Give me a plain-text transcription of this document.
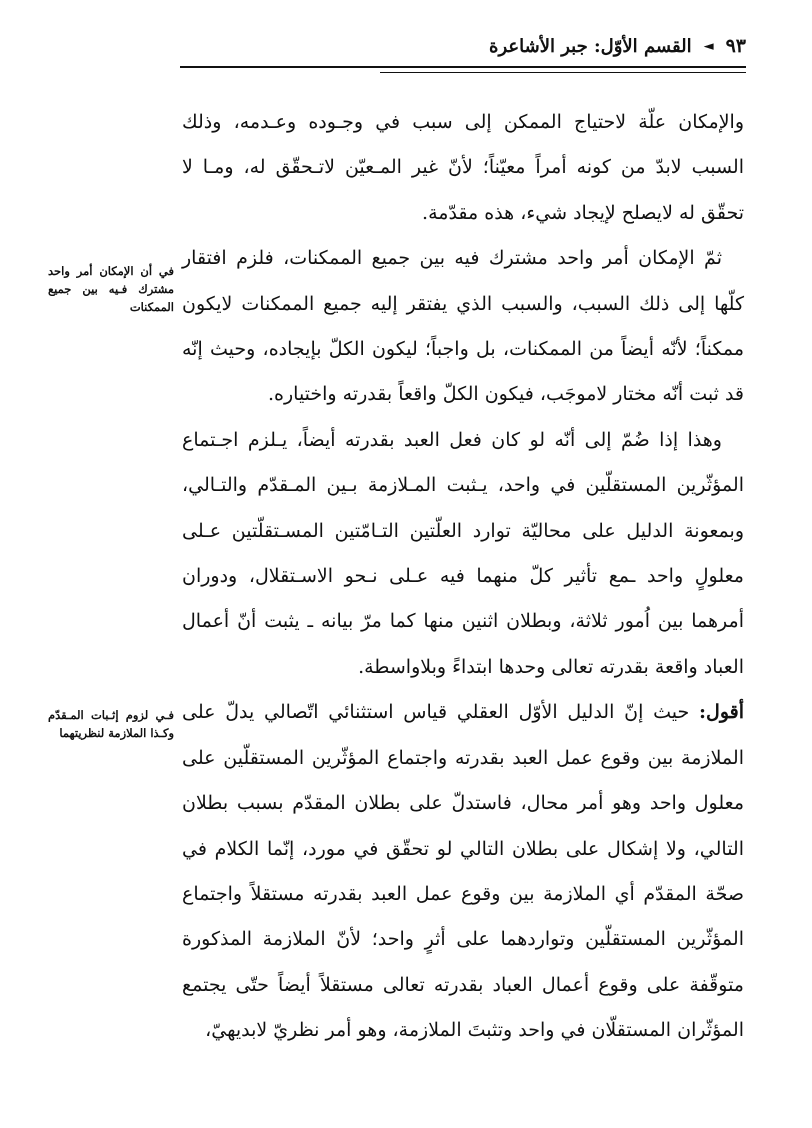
القسم الأوّل: جبر الأشاعرة ◄ ٩٣

والإمكان علّة لاحتياج الممكن إلى سبب في وجـوده وعـدمه، وذلك السبب لابدّ من كونه أمراً معيّناً؛ لأنّ غير المـعيّن لاتـحقّق له، ومـا لا تحقّق له لايصلح لإيجاد شيء، هذه مقدّمة.

ثمّ الإمكان أمر واحد مشترك فيه بين جميع الممكنات، فلزم افتقار كلّها إلى ذلك السبب، والسبب الذي يفتقر إليه جميع الممكنات لايكون ممكناً؛ لأنّه أيضاً من الممكنات، بل واجباً؛ ليكون الكلّ بإيجاده، وحيث إنّه قد ثبت أنّه مختار لاموجَب، فيكون الكلّ واقعاً بقدرته واختياره.

وهذا إذا ضُمّ إلى أنّه لو كان فعل العبد بقدرته أيضاً، يـلزم اجـتماع المؤثّرين المستقلّين في واحد، يـثبت المـلازمة بـين المـقدّم والتـالي، وبمعونة الدليل على محاليّة توارد العلّتين التـامّتين المسـتقلّتين عـلى معلولٍ واحد ـمع تأثير كلّ منهما فيه عـلى نـحو الاسـتقلال، ودوران أمرهما بين اُمور ثلاثة، وبطلان اثنين منها كما مرّ بيانه ـ يثبت أنّ أعمال العباد واقعة بقدرته تعالى وحدها ابتداءً وبلاواسطة.

أقول: حيث إنّ الدليل الأوّل العقلي قياس استثنائي اتّصالي يدلّ على الملازمة بين وقوع عمل العبد بقدرته واجتماع المؤثّرين المستقلّين على معلول واحد وهو أمر محال، فاستدلّ على بطلان المقدّم بسبب بطلان التالي، ولا إشكال على بطلان التالي لو تحقّق في مورد، إنّما الكلام في صحّة المقدّم أي الملازمة بين وقوع عمل العبد بقدرته مستقلاً واجتماع المؤثّرين المستقلّين وتواردهما على أثرٍ واحد؛ لأنّ الملازمة المذكورة متوقّفة على وقوع أعمال العباد بقدرته تعالى مستقلاً أيضاً حتّى يجتمع المؤثّران المستقلّان في واحد وتثبتَ الملازمة، وهو أمر نظريّ لابديهيّ،

في أن الإمكان أمر واحد مشترك فـيه بين جميع الممكنات
فـي لزوم إثـبات المـقدّم وكـذا الملازمة لنظريتهما
